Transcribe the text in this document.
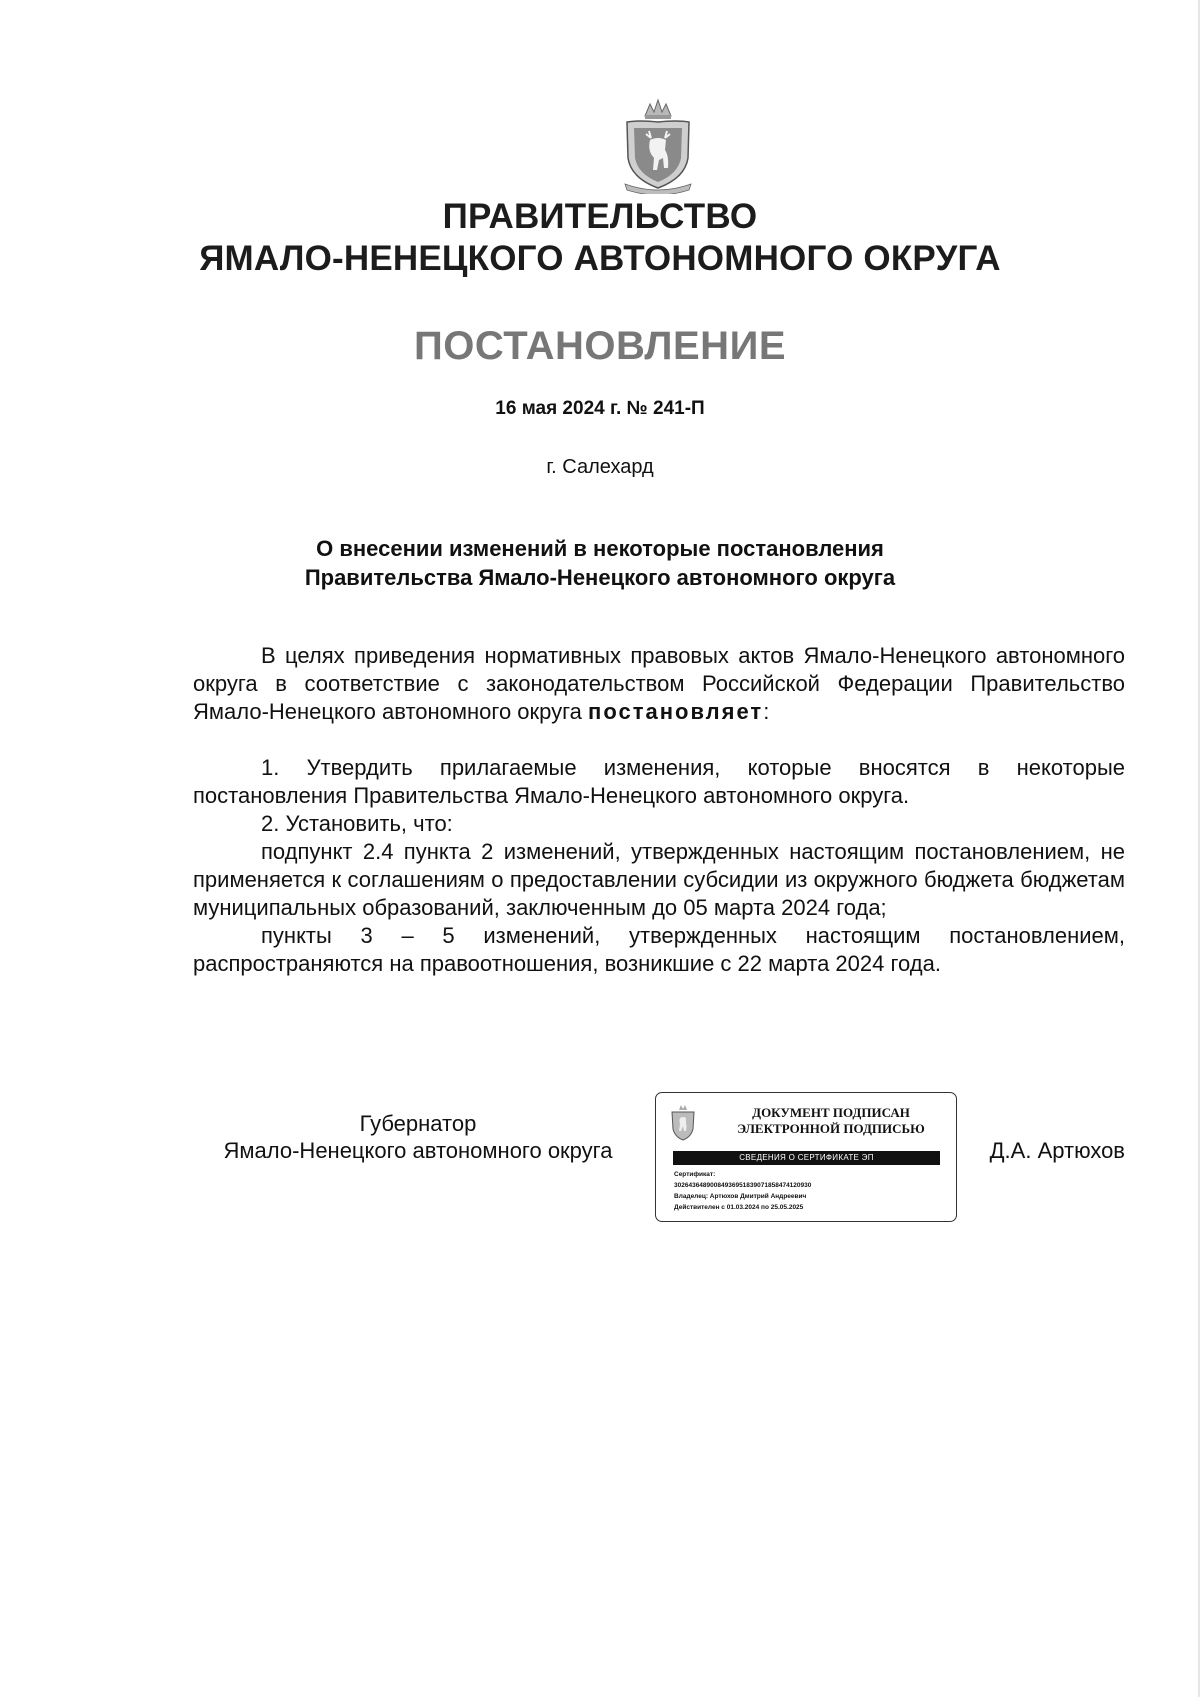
ПРАВИТЕЛЬСТВО
ЯМАЛО-НЕНЕЦКОГО АВТОНОМНОГО ОКРУГА
ПОСТАНОВЛЕНИЕ
16 мая 2024 г. № 241-П
г. Салехард
О внесении изменений в некоторые постановления
Правительства Ямало-Ненецкого автономного округа

В целях приведения нормативных правовых актов Ямало-Ненецкого автономного округа в соответствие с законодательством Российской Федерации Правительство Ямало-Ненецкого автономного округа постановляет:

1. Утвердить прилагаемые изменения, которые вносятся в некоторые постановления Правительства Ямало-Ненецкого автономного округа.

2. Установить, что:

подпункт 2.4 пункта 2 изменений, утвержденных настоящим постановлением, не применяется к соглашениям о предоставлении субсидии из окружного бюджета бюджетам муниципальных образований, заключенным до 05 марта 2024 года;

пункты 3 – 5 изменений, утвержденных настоящим постановлением, распространяются на правоотношения, возникшие с 22 марта 2024 года.

Губернатор
Ямало-Ненецкого автономного округа
ДОКУМЕНТ ПОДПИСАН
ЭЛЕКТРОННОЙ ПОДПИСЬЮ
СВЕДЕНИЯ О СЕРТИФИКАТЕ ЭП
Сертификат:
30264364890084936951839071858474120930
Владелец: Артюхов Дмитрий Андреевич
Действителен с 01.03.2024 по 25.05.2025
Д.А. Артюхов
